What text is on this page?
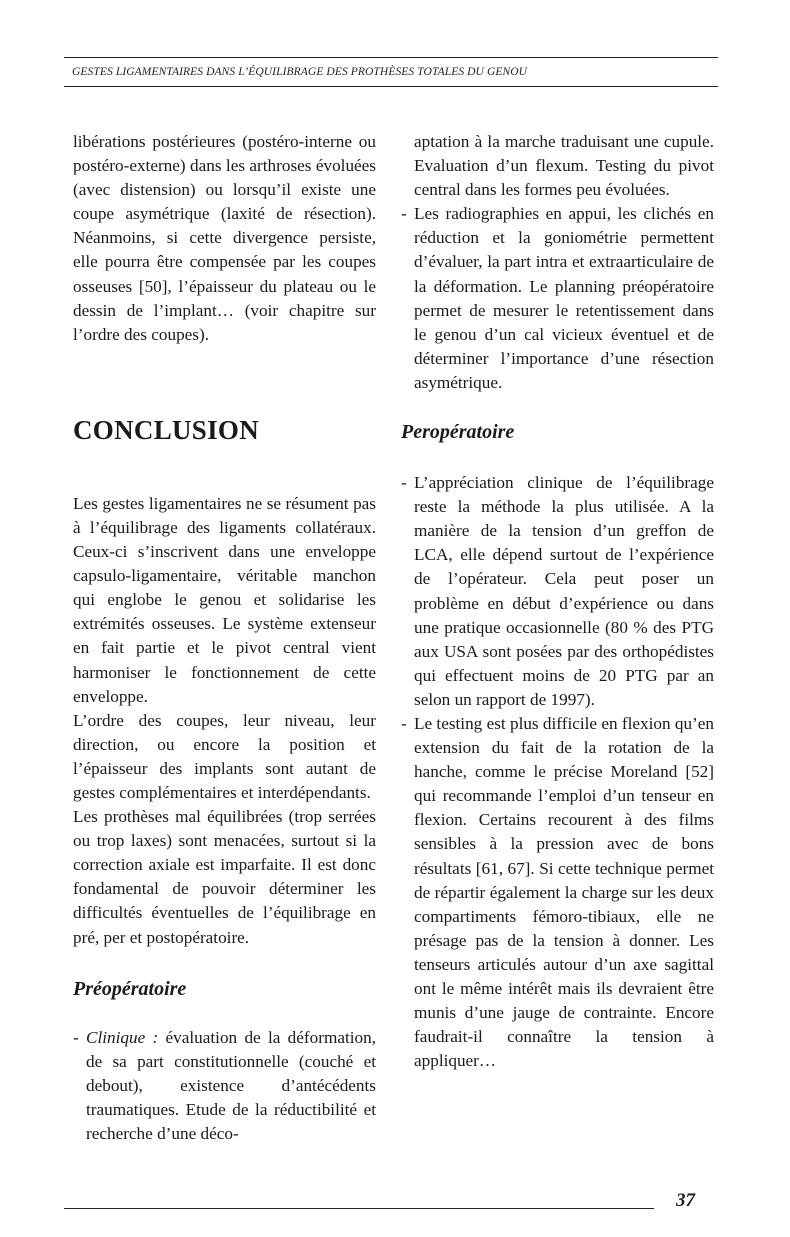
GESTES LIGAMENTAIRES DANS L’ÉQUILIBRAGE DES PROTHÈSES TOTALES DU GENOU

libérations postérieures (postéro-interne ou postéro-externe) dans les arthroses évoluées (avec distension) ou lorsqu’il existe une coupe asymétrique (laxité de résection). Néanmoins, si cette divergence persiste, elle pourra être compensée par les coupes osseuses [50], l’épaisseur du plateau ou le dessin de l’implant… (voir chapitre sur l’ordre des coupes).

CONCLUSION

Les gestes ligamentaires ne se résument pas à l’équilibrage des ligaments collatéraux. Ceux-ci s’inscrivent dans une enveloppe capsulo-ligamentaire, véritable manchon qui englobe le genou et solidarise les extrémités osseuses. Le système extenseur en fait partie et le pivot central vient harmoniser le fonctionnement de cette enveloppe.

L’ordre des coupes, leur niveau, leur direction, ou encore la position et l’épaisseur des implants sont autant de gestes complémentaires et interdépendants.

Les prothèses mal équilibrées (trop serrées ou trop laxes) sont menacées, surtout si la correction axiale est imparfaite. Il est donc fondamental de pouvoir déterminer les difficultés éventuelles de l’équilibrage en pré, per et postopératoire.

Préopératoire
- Clinique : évaluation de la déformation, de sa part constitutionnelle (couché et debout), existence d’antécédents traumatiques. Etude de la réductibilité et recherche d’une déco-

aptation à la marche traduisant une cupule. Evaluation d’un flexum. Testing du pivot central dans les formes peu évoluées.

- Les radiographies en appui, les clichés en réduction et la goniométrie permettent d’évaluer, la part intra et extraarticulaire de la déformation. Le planning préopératoire permet de mesurer le retentissement dans le genou d’un cal vicieux éventuel et de déterminer l’importance d’une résection asymétrique.
Peropératoire
- L’appréciation clinique de l’équilibrage reste la méthode la plus utilisée. A la manière de la tension d’un greffon de LCA, elle dépend surtout de l’expérience de l’opérateur. Cela peut poser un problème en début d’expérience ou dans une pratique occasionnelle (80 % des PTG aux USA sont posées par des orthopédistes qui effectuent moins de 20 PTG par an selon un rapport de 1997).
- Le testing est plus difficile en flexion qu’en extension du fait de la rotation de la hanche, comme le précise Moreland [52] qui recommande l’emploi d’un tenseur en flexion. Certains recourent à des films sensibles à la pression avec de bons résultats [61, 67]. Si cette technique permet de répartir également la charge sur les deux compartiments fémoro-tibiaux, elle ne présage pas de la tension à donner. Les tenseurs articulés autour d’un axe sagittal ont le même intérêt mais ils devraient être munis d’une jauge de contrainte. Encore faudrait-il connaître la tension à appliquer…
37
